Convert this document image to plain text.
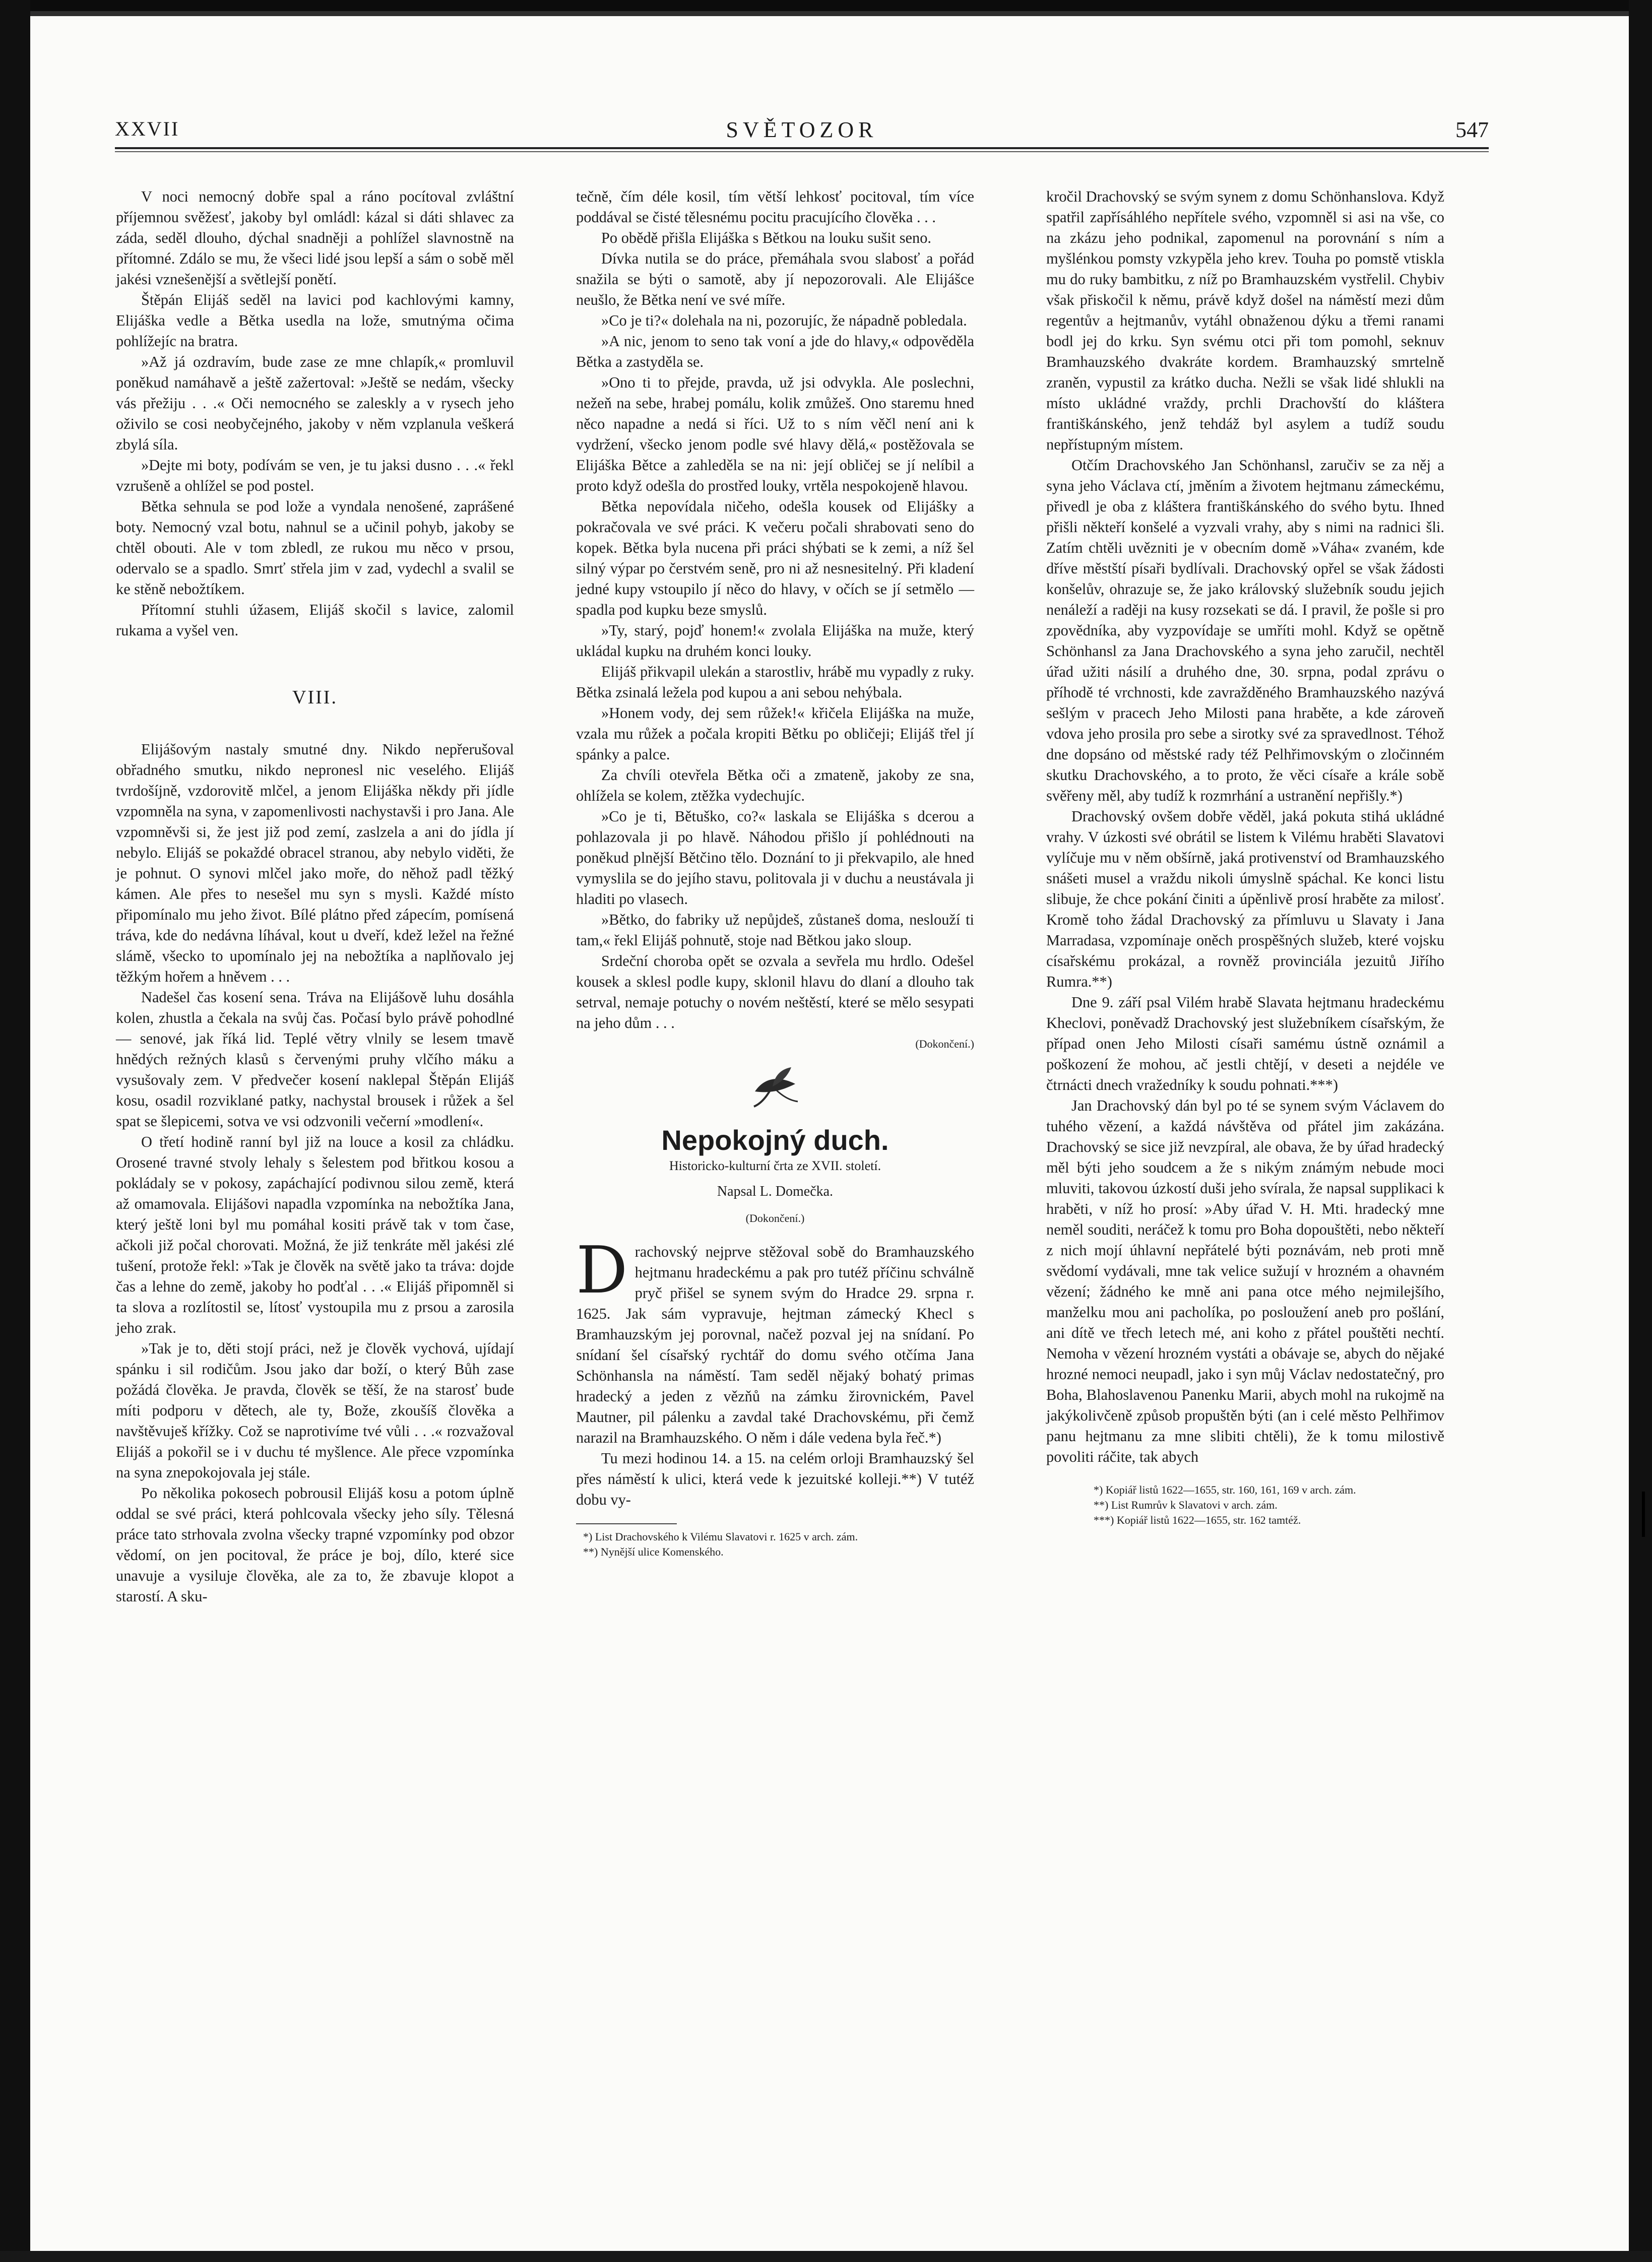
XXVII	SVĚTOZOR	547

V noci nemocný dobře spal a ráno pocítoval zvláštní příjemnou svěžesť, jakoby byl omládl: kázal si dáti shlavec za záda, seděl dlouho, dýchal snadněji a pohlížel slavnostně na přítomné. Zdálo se mu, že všeci lidé jsou lepší a sám o sobě měl jakési vznešenější a světlejší ponětí.

Štěpán Elijáš seděl na lavici pod kachlovými kamny, Elijáška vedle a Bětka usedla na lože, smutnýma očima pohlížejíc na bratra.

»Až já ozdravím, bude zase ze mne chlapík,« promluvil poněkud namáhavě a ještě zažertoval: »Ještě se nedám, všecky vás přežiju . . .« Oči nemocného se zaleskly a v rysech jeho oživilo se cosi neobyčejného, jakoby v něm vzplanula veškerá zbylá síla.

»Dejte mi boty, podívám se ven, je tu jaksi dusno . . .« řekl vzrušeně a ohlížel se pod postel.

Bětka sehnula se pod lože a vyndala nenošené, zaprášené boty. Nemocný vzal botu, nahnul se a učinil pohyb, jakoby se chtěl obouti. Ale v tom zbledl, ze rukou mu něco v prsou, odervalo se a spadlo. Smrť střela jim v zad, vydechl a svalil se ke stěně nebožtíkem.

Přítomní stuhli úžasem, Elijáš skočil s lavice, zalomil rukama a vyšel ven.

VIII.

Elijášovým nastaly smutné dny. Nikdo nepřerušoval obřadného smutku, nikdo nepronesl nic veselého. Elijáš tvrdošíjně, vzdorovitě mlčel, a jenom Elijáška někdy při jídle vzpomněla na syna, v zapomenlivosti nachystavši i pro Jana. Ale vzpomněvši si, že jest již pod zemí, zaslzela a ani do jídla jí nebylo. Elijáš se pokaždé obracel stranou, aby nebylo viděti, že je pohnut. O synovi mlčel jako moře, do něhož padl těžký kámen. Ale přes to nesešel mu syn s mysli. Každé místo připomínalo mu jeho život. Bílé plátno před zápecím, pomísená tráva, kde do nedávna líhával, kout u dveří, kdež ležel na řežné slámě, všecko to upomínalo jej na nebožtíka a naplňovalo jej těžkým hořem a hněvem . . .

Nadešel čas kosení sena. Tráva na Elijášově luhu dosáhla kolen, zhustla a čekala na svůj čas. Počasí bylo právě pohodlné — senové, jak říká lid. Teplé větry vlnily se lesem tmavě hnědých režných klasů s červenými pruhy vlčího máku a vysušovaly zem. V předvečer kosení naklepal Štěpán Elijáš kosu, osadil rozviklané patky, nachystal brousek i růžek a šel spat se šlepicemi, sotva ve vsi odzvonili večerní »modlení«.

O třetí hodině ranní byl již na louce a kosil za chládku. Orosené travné stvoly lehaly s šelestem pod břitkou kosou a pokládaly se v pokosy, zapáchající podivnou silou země, která až omamovala. Elijášovi napadla vzpomínka na nebožtíka Jana, který ještě loni byl mu pomáhal kositi právě tak v tom čase, ačkoli již počal chorovati. Možná, že již tenkráte měl jakési zlé tušení, protože řekl: »Tak je člověk na světě jako ta tráva: dojde čas a lehne do země, jakoby ho podťal . . .« Elijáš připomněl si ta slova a rozlítostil se, lítosť vystoupila mu z prsou a zarosila jeho zrak.

»Tak je to, děti stojí práci, než je člověk vychová, ujídají spánku i sil rodičům. Jsou jako dar boží, o který Bůh zase požádá člověka. Je pravda, člověk se těší, že na starosť bude míti podporu v dětech, ale ty, Bože, zkoušíš člověka a navštěvuješ křížky. Což se naprotivíme tvé vůli . . .« rozvažoval Elijáš a pokořil se i v duchu té myšlence. Ale přece vzpomínka na syna znepokojovala jej stále.

Po několika pokosech pobrousil Elijáš kosu a potom úplně oddal se své práci, která pohlcovala všecky jeho síly. Tělesná práce tato strhovala zvolna všecky trapné vzpomínky pod obzor vědomí, on jen pocitoval, že práce je boj, dílo, které sice unavuje a vysiluje člověka, ale za to, že zbavuje klopot a starostí. A sku-

tečně, čím déle kosil, tím větší lehkosť pocitoval, tím více poddával se čisté tělesnému pocitu pracujícího člověka . . .

Po obědě přišla Elijáška s Bětkou na louku sušit seno.

Dívka nutila se do práce, přemáhala svou slabosť a pořád snažila se býti o samotě, aby jí nepozorovali. Ale Elijášce neušlo, že Bětka není ve své míře.

»Co je ti?« dolehala na ni, pozorujíc, že nápadně pobledala.

»A nic, jenom to seno tak voní a jde do hlavy,« odpověděla Bětka a zastyděla se.

»Ono ti to přejde, pravda, už jsi odvykla. Ale poslechni, nežeň na sebe, hrabej pomálu, kolik zmůžeš. Ono staremu hned něco napadne a nedá si říci. Už to s ním věčl není ani k vydržení, všecko jenom podle své hlavy dělá,« postěžovala se Elijáška Bětce a zahleděla se na ni: její obličej se jí nelíbil a proto když odešla do prostřed louky, vrtěla nespokojeně hlavou.

Bětka nepovídala ničeho, odešla kousek od Elijášky a pokračovala ve své práci. K večeru počali shrabovati seno do kopek. Bětka byla nucena při práci shýbati se k zemi, a níž šel silný výpar po čerstvém seně, pro ni až nesnesitelný. Při kladení jedné kupy vstoupilo jí něco do hlavy, v očích se jí setmělo — spadla pod kupku beze smyslů.

»Ty, starý, pojď honem!« zvolala Elijáška na muže, který ukládal kupku na druhém konci louky.

Elijáš přikvapil ulekán a starostliv, hrábě mu vypadly z ruky. Bětka zsinalá ležela pod kupou a ani sebou nehýbala.

»Honem vody, dej sem růžek!« křičela Elijáška na muže, vzala mu růžek a počala kropiti Bětku po obličeji; Elijáš třel jí spánky a palce.

Za chvíli otevřela Bětka oči a zmateně, jakoby ze sna, ohlížela se kolem, ztěžka vydechujíc.

»Co je ti, Bětuško, co?« laskala se Elijáška s dcerou a pohlazovala ji po hlavě. Náhodou přišlo jí pohlédnouti na poněkud plnější Bětčino tělo. Doznání to ji překvapilo, ale hned vymyslila se do jejího stavu, politovala ji v duchu a neustávala ji hladiti po vlasech.

»Bětko, do fabriky už nepůjdeš, zůstaneš doma, neslouží ti tam,« řekl Elijáš pohnutě, stoje nad Bětkou jako sloup.

Srdeční choroba opět se ozvala a sevřela mu hrdlo. Odešel kousek a sklesl podle kupy, sklonil hlavu do dlaní a dlouho tak setrval, nemaje potuchy o novém neštěstí, které se mělo sesypati na jeho dům . . .

(Dokončení.)
Nepokojný duch.
Historicko-kulturní črta ze XVII. století.
Napsal L. Domečka.
(Dokončení.)

Drachovský nejprve stěžoval sobě do Bramhauzského hejtmanu hradeckému a pak pro tutéž příčinu schválně pryč přišel se synem svým do Hradce 29. srpna r. 1625. Jak sám vypravuje, hejtman zámecký Khecl s Bramhauzským jej porovnal, načež pozval jej na snídaní. Po snídaní šel císařský rychtář do domu svého otčíma Jana Schönhansla na náměstí. Tam seděl nějaký bohatý primas hradecký a jeden z vězňů na zámku žirovnickém, Pavel Mautner, pil pálenku a zavdal také Drachovskému, při čemž narazil na Bramhauzského. O něm i dále vedena byla řeč.*)

Tu mezi hodinou 14. a 15. na celém orloji Bramhauzský šel přes náměstí k ulici, která vede k jezuitské kolleji.**) V tutéž dobu vy-

*) List Drachovského k Vilému Slavatovi r. 1625 v arch. zám.
**) Nynější ulice Komenského.

kročil Drachovský se svým synem z domu Schönhanslova. Když spatřil zapřísáhlého nepřítele svého, vzpomněl si asi na vše, co na zkázu jeho podnikal, zapomenul na porovnání s ním a myšlénkou pomsty vzkypěla jeho krev. Touha po pomstě vtiskla mu do ruky bambitku, z níž po Bramhauzském vystřelil. Chybiv však přiskočil k němu, právě když došel na náměstí mezi dům regentův a hejtmanův, vytáhl obnaženou dýku a třemi ranami bodl jej do krku. Syn svému otci při tom pomohl, seknuv Bramhauzského dvakráte kordem. Bramhauzský smrtelně zraněn, vypustil za krátko ducha. Nežli se však lidé shlukli na místo ukládné vraždy, prchli Drachovští do kláštera františkánského, jenž tehdáž byl asylem a tudíž soudu nepřístupným místem.

Otčím Drachovského Jan Schönhansl, zaručiv se za něj a syna jeho Václava ctí, jměním a životem hejtmanu zámeckému, přivedl je oba z kláštera františkánského do svého bytu. Ihned přišli někteří konšelé a vyzvali vrahy, aby s nimi na radnici šli. Zatím chtěli uvězniti je v obecním domě »Váha« zvaném, kde dříve městští písaři bydlívali. Drachovský opřel se však žádosti konšelův, ohrazuje se, že jako královský služebník soudu jejich nenáleží a raději na kusy rozsekati se dá. I pravil, že pošle si pro zpovědníka, aby vyzpovídaje se umříti mohl. Když se opětně Schönhansl za Jana Drachovského a syna jeho zaručil, nechtěl úřad užiti násilí a druhého dne, 30. srpna, podal zprávu o příhodě té vrchnosti, kde zavražděného Bramhauzského nazývá sešlým v pracech Jeho Milosti pana hraběte, a kde zároveň vdova jeho prosila pro sebe a sirotky své za spravedlnost. Téhož dne dopsáno od městské rady též Pelhřimovským o zločinném skutku Drachovského, a to proto, že věci císaře a krále sobě svěřeny měl, aby tudíž k rozmrhání a ustranění nepřišly.*)

Drachovský ovšem dobře věděl, jaká pokuta stihá ukládné vrahy. V úzkosti své obrátil se listem k Vilému hraběti Slavatovi vylíčuje mu v něm obšírně, jaká protivenství od Bramhauzského snášeti musel a vraždu nikoli úmyslně spáchal. Ke konci listu slibuje, že chce pokání činiti a úpěnlivě prosí hraběte za milosť. Kromě toho žádal Drachovský za přímluvu u Slavaty i Jana Marradasa, vzpomínaje oněch prospěšných služeb, které vojsku císařskému prokázal, a rovněž provinciála jezuitů Jiřího Rumra.**)

Dne 9. září psal Vilém hrabě Slavata hejtmanu hradeckému Kheclovi, poněvadž Drachovský jest služebníkem císařským, že případ onen Jeho Milosti císaři samému ústně oznámil a poškození že mohou, ač jestli chtějí, v deseti a nejdéle ve čtrnácti dnech vražedníky k soudu pohnati.***)

Jan Drachovský dán byl po té se synem svým Václavem do tuhého vězení, a každá návštěva od přátel jim zakázána. Drachovský se sice již nevzpíral, ale obava, že by úřad hradecký měl býti jeho soudcem a že s nikým známým nebude moci mluviti, takovou úzkostí duši jeho svírala, že napsal supplikaci k hraběti, v níž ho prosí: »Aby úřad V. H. Mti. hradecký mne neměl souditi, neráčež k tomu pro Boha dopouštěti, nebo někteří z nich mojí úhlavní nepřátelé býti poznávám, neb proti mně svědomí vydávali, mne tak velice sužují v hrozném a ohavném vězení; žádného ke mně ani pana otce mého nejmilejšího, manželku mou ani pacholíka, po posloužení aneb pro pošlání, ani dítě ve třech letech mé, ani koho z přátel pouštěti nechtí. Nemoha v vězení hrozném vystáti a obávaje se, abych do nějaké hrozné nemoci neupadl, jako i syn můj Václav nedostatečný, pro Boha, Blahoslavenou Panenku Marii, abych mohl na rukojmě na jakýkolivčeně způsob propuštěn býti (an i celé město Pelhřimov panu hejtmanu za mne slibiti chtěli), že k tomu milostivě povoliti ráčite, tak abych

*) Kopiář listů 1622—1655, str. 160, 161, 169 v arch. zám.
**) List Rumrův k Slavatovi v arch. zám.
***) Kopiář listů 1622—1655, str. 162 tamtéž.
